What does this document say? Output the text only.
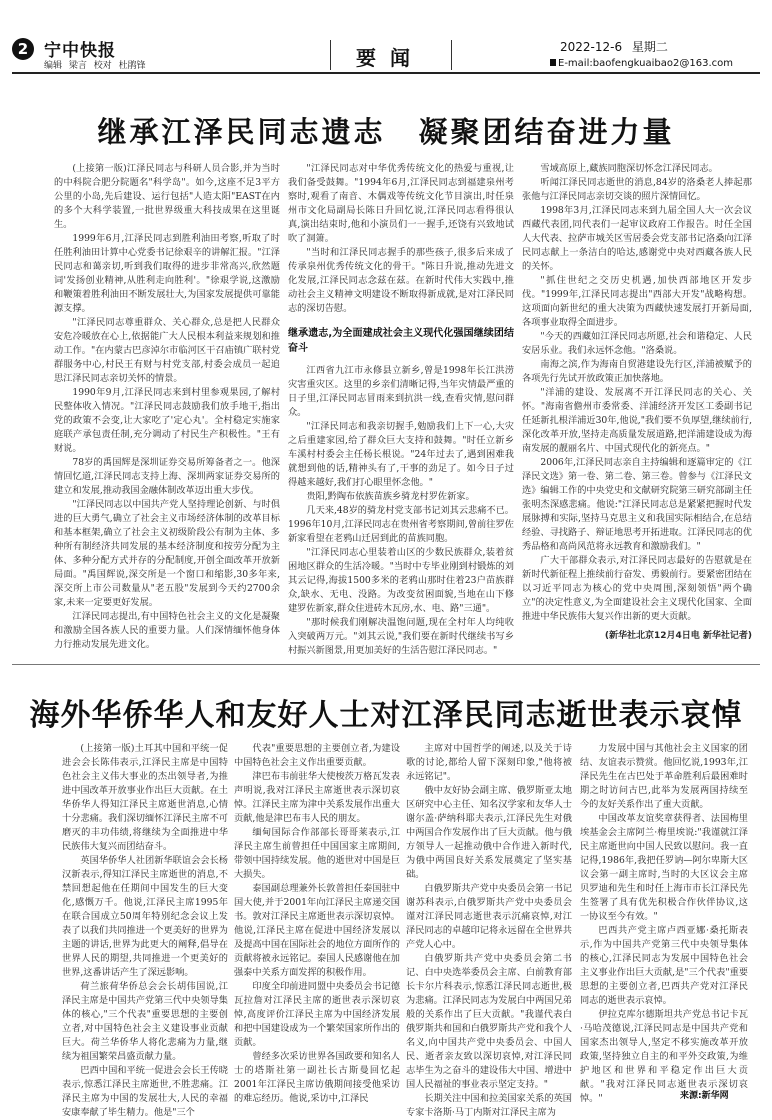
2 宁中快报
编辑 梁言 校对 杜鹃锋	要闻	2022-12-6 星期二
E-mail:baofengkuaibao2@163.com
继承江泽民同志遗志 凝聚团结奋进力量

(上接第一版)江泽民同志与科研人员合影,并为当时的中科院合肥分院题名"科学岛"。如今,这座不足3平方公里的小岛,先后建设、运行包括"人造太阳"EAST在内的多个大科学装置,一批世界级重大科技成果在这里诞生。

1999年6月,江泽民同志到胜利油田考察,听取了时任胜利油田计算中心党委书记徐艰辛的讲解汇报。"江泽民同志和蔼亲切,听到我们取得的进步非常高兴,欣然题词'发扬创业精神,从胜利走向胜利'。"徐艰学说,这激励和鞭策着胜利油田不断发展壮大,为国家发展提供可靠能源支撑。

"江泽民同志尊重群众、关心群众,总是把人民群众安危冷暖放在心上,依据能广大人民根本利益来规划和推动工作。"在内蒙古巴彦淖尔市临河区干召庙镇广联村党群服务中心,村民王有财与村党支部,村委会成员一起追思江泽民同志亲切关怀的情景。

1990年9月,江泽民同志来到村里参观果园,了解村民整体收入情况。"江泽民同志鼓励我们放手地干,指出党的政策不会变,让大家吃了'定心丸'。全村稳定实施家庭联产承包责任制,充分调动了村民生产积极性。"王有财说。

78岁的禹国辉是深圳证券交易所筹备者之一。他深情回忆道,江泽民同志支持上海、深圳两家证券交易所的建立和发展,推动我国金融体制改革迈出重大步伐。

"江泽民同志以中国共产党人坚持理论创新、与时俱进的巨大勇气,确立了社会主义市场经济体制的改革目标和基本框架,确立了社会主义初级阶段公有制为主体、多种所有制经济共同发展的基本经济制度和按劳分配为主体、多种分配方式并存的分配制度,开创全面改革开放新局面。"禹国辉说,深交所是一个窗口和缩影,30多年来,深交所上市公司数量从"老五股"发展到今天约2700余家,未来一定要更好发展。

江泽民同志提出,有中国特色社会主义的文化是凝聚和激励全国各族人民的重要力量。人们深情缅怀他身体力行推动发展先进文化。

"江泽民同志对中华优秀传统文化的热爱与重视,让我们备受鼓舞。"1994年6月,江泽民同志到福建泉州考察时,观看了南音、木偶戏等传统文化节目演出,时任泉州市文化局副局长陈日升回忆说,江泽民同志看得很认真,演出结束时,他和小演员们一一握手,还饶有兴致地试吹了洞箫。

"当时和江泽民同志握手的那些孩子,很多后来成了传承泉州优秀传统文化的骨干。"陈日升说,推动先进文化发展,江泽民同志念兹在兹。在新时代伟大实践中,推动社会主义精神文明建设不断取得新成就,是对江泽民同志的深切告慰。

继承遗志,为全面建成社会主义现代化强国继续团结奋斗

江西省九江市永修县立新乡,曾是1998年长江洪涝灾害重灾区。这里的乡亲们清晰记得,当年灾情最严重的日子里,江泽民同志冒雨来到抗洪一线,查看灾情,慰问群众。

"江泽民同志和我亲切握手,勉励我们上下一心,大灾之后重建家园,给了群众巨大支持和鼓舞。"时任立新乡车溪村村委会主任杨长根说。"24年过去了,遇到困难我就想到他的话,精神头有了,干事的劲足了。如今日子过得越来越好,我们打心眼里怀念他。"

贵阳,黔陶布依族苗族乡骑龙村罗佐新家。

几天来,48岁的骑龙村党支部书记刘其云悲痛不已。1996年10月,江泽民同志在贵州省考察期间,曾前往罗佐新家看望在老鸦山迁居到此的苗族同胞。

"江泽民同志心里装着山区的少数民族群众,装着贫困地区群众的生活冷暖。"当时中专毕业刚到村锻炼的刘其云记得,海拔1500多米的老鸦山那时住着23户苗族群众,缺水、无电、没路。为改变贫困面貌,当地在山下修建罗佐新家,群众住进砖木瓦房,水、电、路"三通"。

"那时候我们刚解决温饱问题,现在全村年人均纯收入突破两万元。"刘其云说,"我们要在新时代继续书写乡村振兴新图景,用更加美好的生活告慰江泽民同志。"

雪域高原上,藏族同胞深切怀念江泽民同志。

听闻江泽民同志逝世的消息,84岁的洛桑老人捧起那张他与江泽民同志亲切交谈的照片深情回忆。

1998年3月,江泽民同志来到九届全国人大一次会议西藏代表团,同代表们一起审议政府工作报告。时任全国人大代表、拉萨市城关区雪居委会党支部书记洛桑向江泽民同志献上一条洁白的哈达,感谢党中央对西藏各族人民的关怀。

"抓住世纪之交历史机遇,加快西部地区开发步伐。"1999年,江泽民同志提出"西部大开发"战略构想。这项面向新世纪的重大决策为西藏快速发展打开新局面,各项事业取得全面进步。

"今天的西藏如江泽民同志所愿,社会和谐稳定、人民安居乐业。我们永远怀念他。"洛桑说。

南海之滨,作为海南自贸港建设先行区,洋浦被赋予的各项先行先试开放政策正加快落地。

"洋浦的建设、发展离不开江泽民同志的关心、关怀。"海南省儋州市委常委、洋浦经济开发区工委副书记任延新扎根洋浦近30年,他说,"我们要不负厚望,继续前行,深化改革开放,坚持走高质量发展道路,把洋浦建设成为海南发展的靓丽名片、中国式现代化的新亮点。"

2006年,江泽民同志亲自主持编辑和逐篇审定的《江泽民文选》第一卷、第二卷、第三卷。曾参与《江泽民文选》编辑工作的中央党史和文献研究院第三研究部副主任张明杰深感悲痛。他说:"江泽民同志总是紧紧把握时代发展脉搏和实际,坚持马克思主义和我国实际相结合,在总结经验、寻找路子、辩证地思考开拓进取。江泽民同志的优秀品格和高尚风范将永远教育和激励我们。"

广大干部群众表示,对江泽民同志最好的告慰就是在新时代新征程上推续前行奋发、勇毅前行。要紧密团结在以习近平同志为核心的党中央周围,深刻领悟"两个确立"的决定性意义,为全面建设社会主义现代化国家、全面推进中华民族伟大复兴作出新的更大贡献。

(新华社北京12月4日电 新华社记者)
海外华侨华人和友好人士对江泽民同志逝世表示哀悼

(上接第一版)土耳其中国和平统一促进会会长陈伟表示,江泽民主席是中国特色社会主义伟大事业的杰出领导者,为推进中国改革开放事业作出巨大贡献。在土华侨华人得知江泽民主席逝世消息,心情十分悲痛。我们深切缅怀江泽民主席不可磨灭的丰功伟绩,将继续为全面推进中华民族伟大复兴而团结奋斗。

英国华侨华人社团新华联谊会会长杨汉新表示,得知江泽民主席逝世的消息,不禁回想起他在任期间中国发生的巨大变化,感慨万千。他说,江泽民主席1995年在联合国成立50周年特别纪念会议上发表了以我们共同推进一个更美好的世界为主题的讲话,世界为此更大的阐释,倡导在世界人民的期望,共同推进一个更美好的世界,这番讲话产生了深远影响。

荷兰旅荷华侨总会会长胡伟国说,江泽民主席是中国共产党第三代中央领导集体的核心,"三个代表"重要思想的主要创立者,对中国特色社会主义建设事业贡献巨大。荷兰华侨华人将化悲痛为力量,继续为祖国繁荣昌盛贡献力量。

巴西中国和平统一促进会会长王传晓表示,惊悉江泽民主席逝世,不胜悲痛。江泽民主席为中国的发展壮大,人民的幸福安康奉献了毕生精力。他是"三个

代表"重要思想的主要创立者,为建设中国特色社会主义作出重要贡献。

津巴布韦前驻华大使梭茨万格瓦发表声明说,我对江泽民主席逝世表示深切哀悼。江泽民主席为津中关系发展作出重大贡献,他是津巴布韦人民的朋友。

缅甸国际合作部部长哥哥莱表示,江泽民主席生前曾担任中国国家主席期间,带领中国持续发展。他的逝世对中国是巨大损失。

泰国副总理兼外长敦普担任泰国驻中国大使,并于2001年向江泽民主席递交国书。敦对江泽民主席逝世表示深切哀悼。他说,江泽民主席在促进中国经济发展以及提高中国在国际社会的地位方面所作的贡献将被永远铭记。泰国人民感谢他在加强泰中关系方面发挥的积极作用。

印度全印前进同盟中央委员会书记德瓦拉詹对江泽民主席的逝世表示深切哀悼,高度评价江泽民主席为中国经济发展和把中国建设成为一个繁荣国家所作出的贡献。

曾经多次采访世界各国政要和知名人士的塔斯社第一副社长古斯曼回忆起2001年江泽民主席访俄期间接受他采访的难忘经历。他说,采访中,江泽民

主席对中国哲学的阐述,以及关于诗歌的讨论,都给人留下深刻印象,"他将被永远铭记"。

俄中友好协会副主席、俄罗斯亚太地区研究中心主任、知名汉学家和友华人士谢尔盖·萨纳科耶夫表示,江泽民先生对俄中两国合作发展作出了巨大贡献。他与俄方领导人一起推动俄中合作进入新时代,为俄中两国良好关系发展奠定了坚实基础。

白俄罗斯共产党中央委员会第一书记谢苏科表示,白俄罗斯共产党中央委员会谨对江泽民同志逝世表示沉痛哀悼,对江泽民同志的卓越印记将永远留在全世界共产党人心中。

白俄罗斯共产党中央委员会第二书记、白中央选举委员会主席、白前教育部长卡尔片科表示,惊悉江泽民同志逝世,极为悲痛。江泽民同志为发展白中两国兄弟般的关系作出了巨大贡献。"我谨代表白俄罗斯共和国和白俄罗斯共产党和我个人名义,向中国共产党中央委员会、中国人民、逝者亲友致以深切哀悼,对江泽民同志毕生为之奋斗的建设伟大中国、增进中国人民福祉的事业表示坚定支持。"

长期关注中国和拉美国家关系的英国专家卡洛斯·马丁内斯对江泽民主席为

力发展中国与其他社会主义国家的团结、友谊表示赞赏。他回忆说,1993年,江泽民先生在古巴处于革命胜利后最困难时期之时访问古巴,此举为发展两国持续至今的友好关系作出了重大贡献。

中国改革友谊奖章获得者、法国梅里埃基金会主席阿兰·梅里埃说:"我谨就江泽民主席逝世向中国人民致以慰问。我一直记得,1986年,我把任罗讷—阿尔卑斯大区议会第一副主席时,当时的大区议会主席贝罗迪和先生和时任上海市市长江泽民先生签署了具有优先积极合作伙伴协议,这一协议至今有效。"

巴西共产党主席卢西亚娜·桑托斯表示,作为中国共产党第三代中央领导集体的核心,江泽民同志为发展中国特色社会主义事业作出巨大贡献,是"三个代表"重要思想的主要创立者,巴西共产党对江泽民同志的逝世表示哀悼。

伊拉克库尔德斯坦共产党总书记卡瓦·马哈茂德说,江泽民同志是中国共产党和国家杰出领导人,坚定不移实施改革开放政策,坚持独立自主的和平外交政策,为维护地区和世界和平稳定作出巨大贡献。"我对江泽民同志逝世表示深切哀悼。"	来源:新华网
